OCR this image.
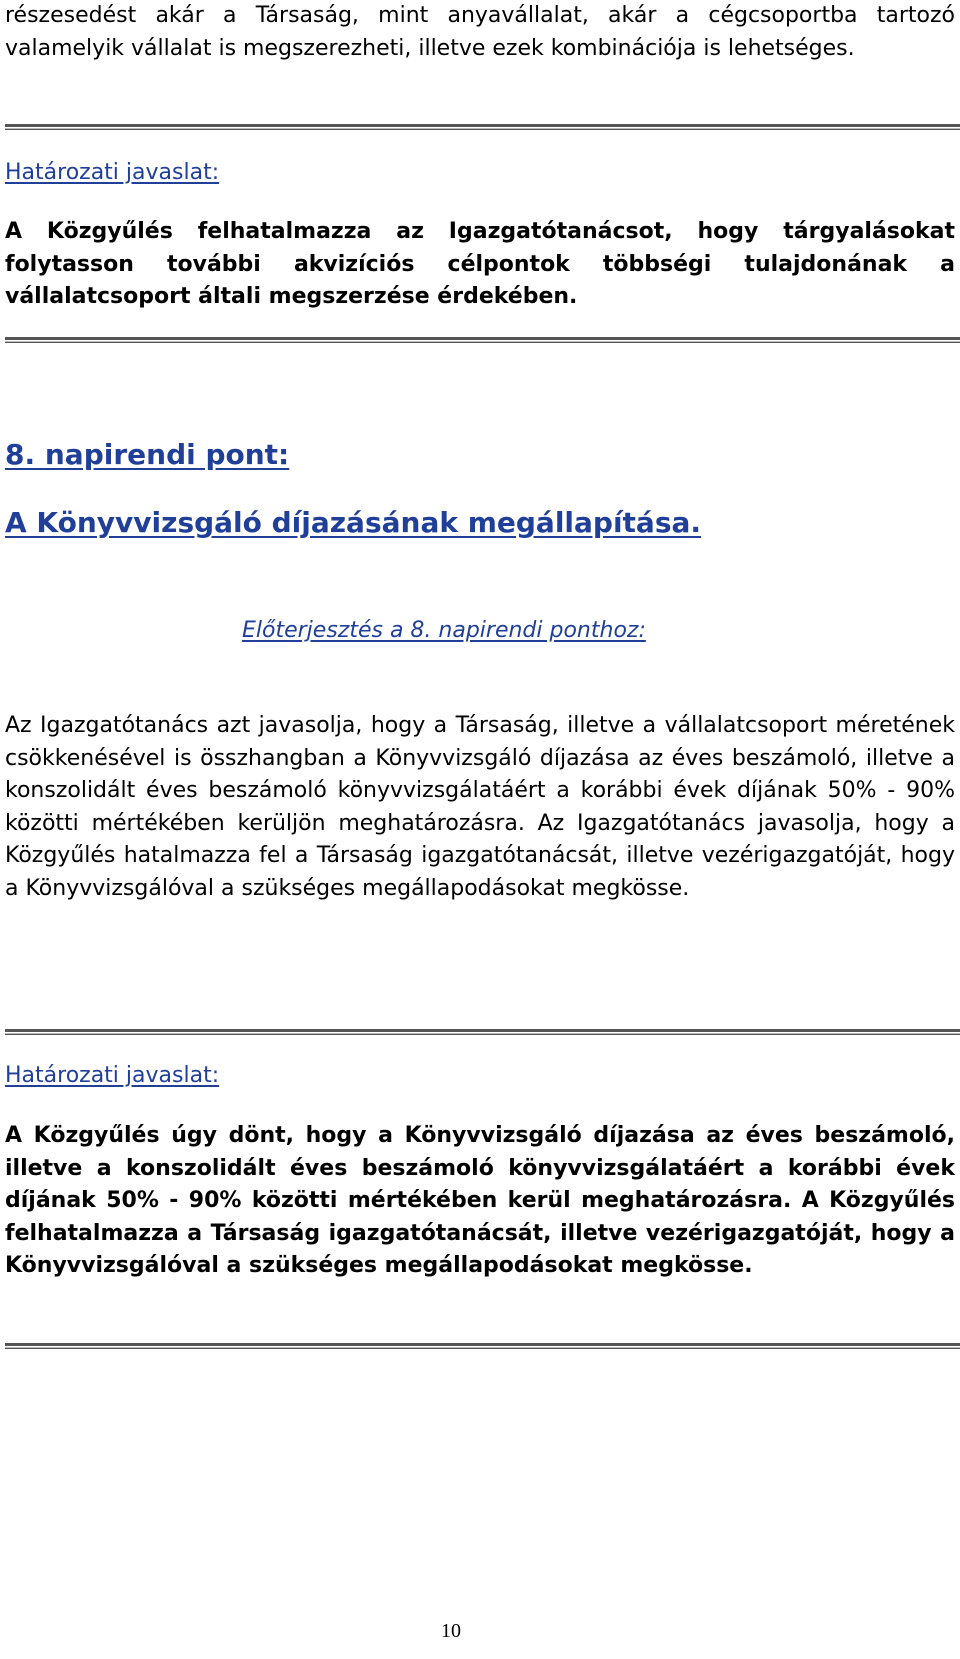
részesedést akár a Társaság, mint anyavállalat, akár a cégcsoportba tartozó valamelyik vállalat is megszerezheti, illetve ezek kombinációja is lehetséges.

Határozati javaslat:

A Közgyűlés felhatalmazza az Igazgatótanácsot, hogy tárgyalásokat folytasson további akvizíciós célpontok többségi tulajdonának a vállalatcsoport általi megszerzése érdekében.

8. napirendi pont:
A Könyvvizsgáló díjazásának megállapítása.
Előterjesztés a 8. napirendi ponthoz:

Az Igazgatótanács azt javasolja, hogy a Társaság, illetve a vállalatcsoport méretének csökkenésével is összhangban a Könyvvizsgáló díjazása az éves beszámoló, illetve a konszolidált éves beszámoló könyvvizsgálatáért a korábbi évek díjának 50% - 90% közötti mértékében kerüljön meghatározásra. Az Igazgatótanács javasolja, hogy a Közgyűlés hatalmazza fel a Társaság igazgatótanácsát, illetve vezérigazgatóját, hogy a Könyvvizsgálóval a szükséges megállapodásokat megkösse.

Határozati javaslat:

A Közgyűlés úgy dönt, hogy a Könyvvizsgáló díjazása az éves beszámoló, illetve a konszolidált éves beszámoló könyvvizsgálatáért a korábbi évek díjának 50% - 90% közötti mértékében kerül meghatározásra. A Közgyűlés felhatalmazza a Társaság igazgatótanácsát, illetve vezérigazgatóját, hogy a Könyvvizsgálóval a szükséges megállapodásokat megkösse.

10
